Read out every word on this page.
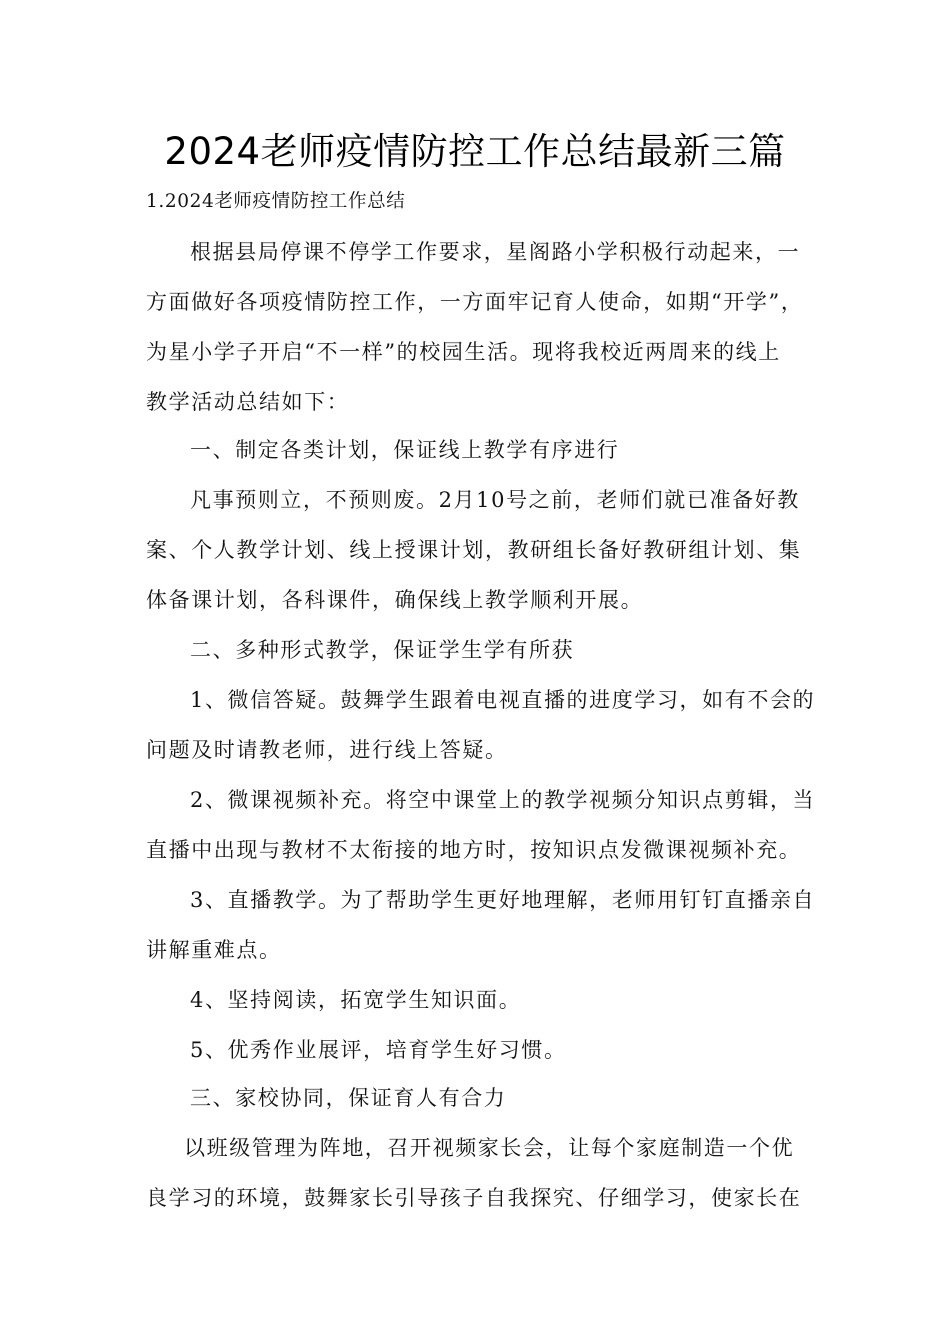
2024老师疫情防控工作总结最新三篇
1.2024老师疫情防控工作总结
根据县局停课不停学工作要求，星阁路小学积极行动起来，一
方面做好各项疫情防控工作，一方面牢记育人使命，如期“开学”，
为星小学子开启“不一样”的校园生活。现将我校近两周来的线上
教学活动总结如下：
一、制定各类计划，保证线上教学有序进行
凡事预则立，不预则废。2月10号之前，老师们就已准备好教
案、个人教学计划、线上授课计划，教研组长备好教研组计划、集
体备课计划，各科课件，确保线上教学顺利开展。
二、多种形式教学，保证学生学有所获
1、微信答疑。鼓舞学生跟着电视直播的进度学习，如有不会的
问题及时请教老师，进行线上答疑。
2、微课视频补充。将空中课堂上的教学视频分知识点剪辑，当
直播中出现与教材不太衔接的地方时，按知识点发微课视频补充。
3、直播教学。为了帮助学生更好地理解，老师用钉钉直播亲自
讲解重难点。
4、坚持阅读，拓宽学生知识面。
5、优秀作业展评，培育学生好习惯。
三、家校协同，保证育人有合力
以班级管理为阵地，召开视频家长会，让每个家庭制造一个优
良学习的环境，鼓舞家长引导孩子自我探究、仔细学习，使家长在
